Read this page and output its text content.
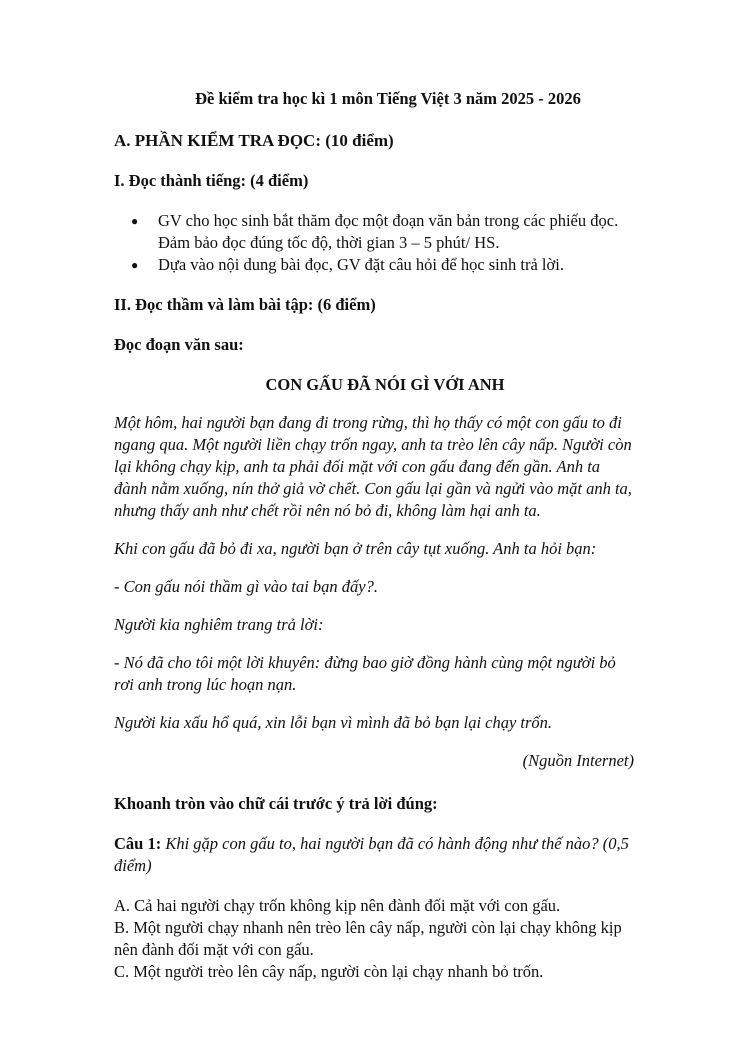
Đề kiểm tra học kì 1 môn Tiếng Việt 3 năm 2025 - 2026

A. PHẦN KIỂM TRA ĐỌC: (10 điểm)

I. Đọc thành tiếng: (4 điểm)

● GV cho học sinh bắt thăm đọc một đoạn văn bản trong các phiếu đọc. Đảm bảo đọc đúng tốc độ, thời gian 3 – 5 phút/ HS.
● Dựa vào nội dung bài đọc, GV đặt câu hỏi để học sinh trả lời.

II. Đọc thầm và làm bài tập: (6 điểm)

Đọc đoạn văn sau:

CON GẤU ĐÃ NÓI GÌ VỚI ANH

Một hôm, hai người bạn đang đi trong rừng, thì họ thấy có một con gấu to đi ngang qua. Một người liền chạy trốn ngay, anh ta trèo lên cây nấp. Người còn lại không chạy kịp, anh ta phải đối mặt với con gấu đang đến gần. Anh ta đành nằm xuống, nín thở giả vờ chết. Con gấu lại gần và ngửi vào mặt anh ta, nhưng thấy anh như chết rồi nên nó bỏ đi, không làm hại anh ta.

Khi con gấu đã bỏ đi xa, người bạn ở trên cây tụt xuống. Anh ta hỏi bạn:

- Con gấu nói thầm gì vào tai bạn đấy?.

Người kia nghiêm trang trả lời:

- Nó đã cho tôi một lời khuyên: đừng bao giờ đồng hành cùng một người bỏ rơi anh trong lúc hoạn nạn.

Người kia xấu hổ quá, xin lỗi bạn vì mình đã bỏ bạn lại chạy trốn.

(Nguồn Internet)

Khoanh tròn vào chữ cái trước ý trả lời đúng:

Câu 1: Khi gặp con gấu to, hai người bạn đã có hành động như thế nào? (0,5 điểm)

A. Cả hai người chạy trốn không kịp nên đành đối mặt với con gấu.

B. Một người chạy nhanh nên trèo lên cây nấp, người còn lại chạy không kịp nên đành đối mặt với con gấu.

C. Một người trèo lên cây nấp, người còn lại chạy nhanh bỏ trốn.
